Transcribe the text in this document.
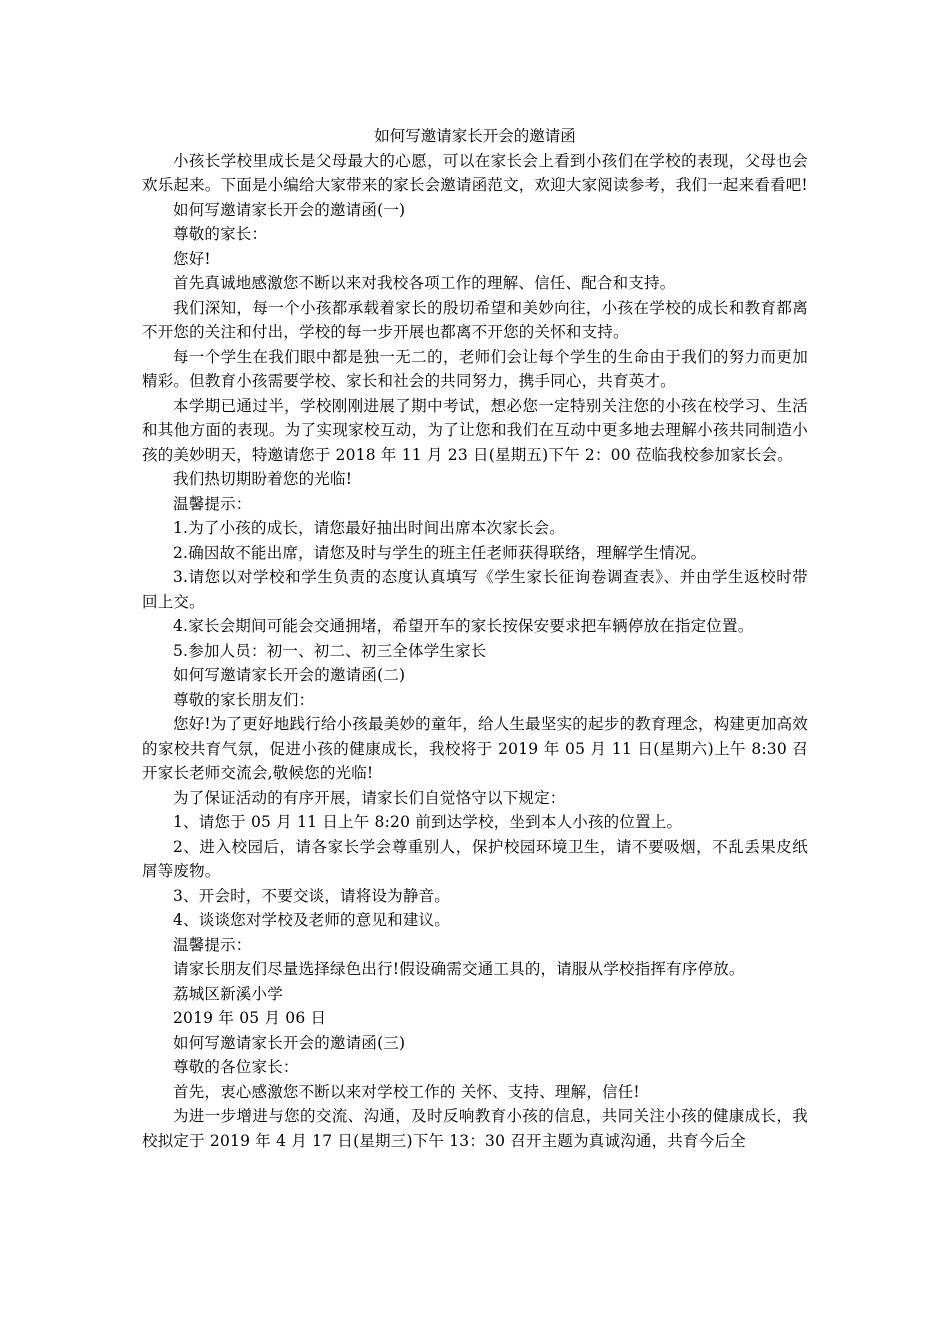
如何写邀请家长开会的邀请函

小孩长学校里成长是父母最大的心愿，可以在家长会上看到小孩们在学校的表现，父母也会欢乐起来。下面是小编给大家带来的家长会邀请函范文，欢迎大家阅读参考，我们一起来看看吧!

如何写邀请家长开会的邀请函(一)

尊敬的家长：

您好!

首先真诚地感激您不断以来对我校各项工作的理解、信任、配合和支持。

我们深知，每一个小孩都承载着家长的殷切希望和美妙向往，小孩在学校的成长和教育都离不开您的关注和付出，学校的每一步开展也都离不开您的关怀和支持。

每一个学生在我们眼中都是独一无二的，老师们会让每个学生的生命由于我们的努力而更加精彩。但教育小孩需要学校、家长和社会的共同努力，携手同心，共育英才。

本学期已通过半，学校刚刚进展了期中考试，想必您一定特别关注您的小孩在校学习、生活和其他方面的表现。为了实现家校互动，为了让您和我们在互动中更多地去理解小孩共同制造小孩的美妙明天，特邀请您于 2018 年 11 月 23 日(星期五)下午 2：00 莅临我校参加家长会。

我们热切期盼着您的光临!

温馨提示：

1.为了小孩的成长，请您最好抽出时间出席本次家长会。

2.确因故不能出席，请您及时与学生的班主任老师获得联络，理解学生情况。

3.请您以对学校和学生负责的态度认真填写《学生家长征询卷调查表》、并由学生返校时带回上交。

4.家长会期间可能会交通拥堵，希望开车的家长按保安要求把车辆停放在指定位置。

5.参加人员：初一、初二、初三全体学生家长

如何写邀请家长开会的邀请函(二)

尊敬的家长朋友们：

您好!为了更好地践行给小孩最美妙的童年，给人生最坚实的起步的教育理念，构建更加高效的家校共育气氛，促进小孩的健康成长，我校将于 2019 年 05 月 11 日(星期六)上午 8:30 召开家长老师交流会,敬候您的光临!

为了保证活动的有序开展，请家长们自觉恪守以下规定：

1、请您于 05 月 11 日上午 8:20 前到达学校，坐到本人小孩的位置上。

2、进入校园后，请各家长学会尊重别人，保护校园环境卫生，请不要吸烟，不乱丢果皮纸屑等废物。

3、开会时，不要交谈，请将设为静音。

4、谈谈您对学校及老师的意见和建议。

温馨提示：

请家长朋友们尽量选择绿色出行!假设确需交通工具的，请服从学校指挥有序停放。

荔城区新溪小学

2019 年 05 月 06 日

如何写邀请家长开会的邀请函(三)

尊敬的各位家长：

首先，衷心感激您不断以来对学校工作的 关怀、支持、理解，信任!

为进一步增进与您的交流、沟通，及时反响教育小孩的信息，共同关注小孩的健康成长，我校拟定于 2019 年 4 月 17 日(星期三)下午 13：30 召开主题为真诚沟通，共育今后全
